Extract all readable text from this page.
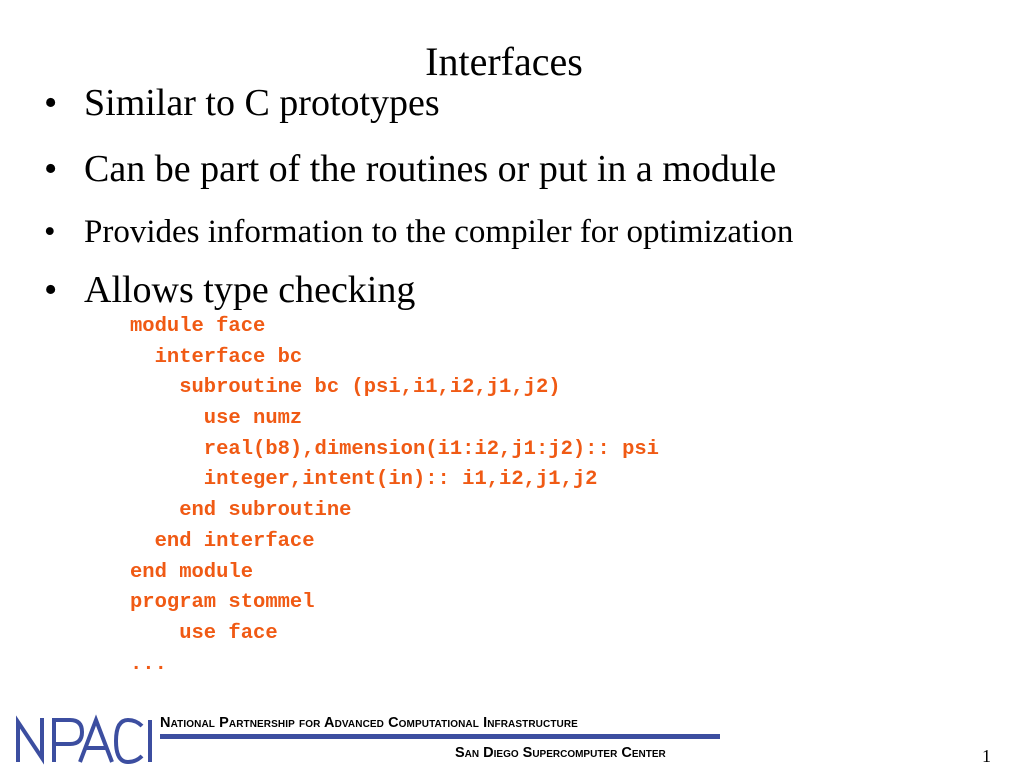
Interfaces
• Similar to C prototypes
• Can be part of the routines or put in a module
• Provides information to the compiler for optimization
• Allows type checking
module face
interface bc
subroutine bc (psi,i1,i2,j1,j2)
use numz
real(b8),dimension(i1:i2,j1:j2):: psi
integer,intent(in):: i1,i2,j1,j2
end subroutine
end interface
end module
program stommel
use face
...
NPACI
National Partnership for Advanced Computational Infrastructure
San Diego Supercomputer Center	1
